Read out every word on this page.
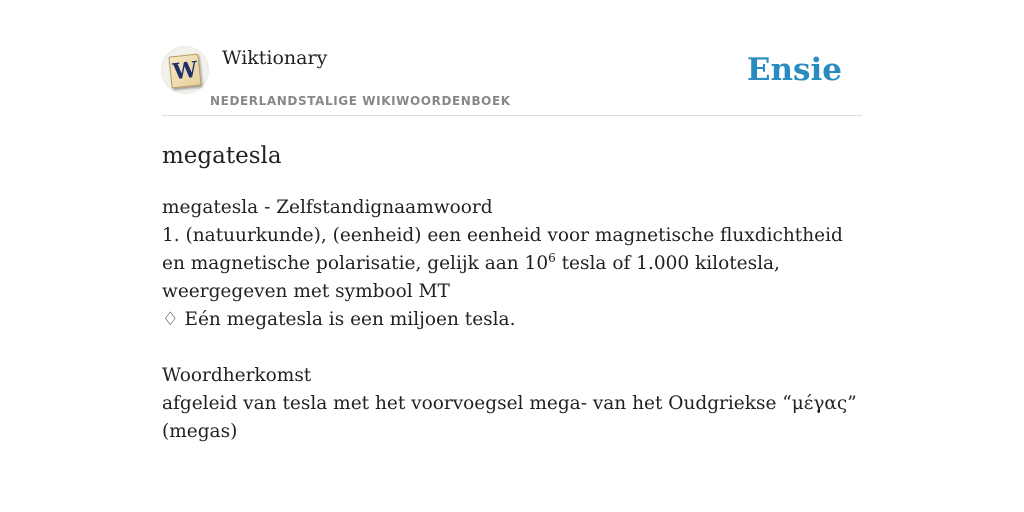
W Wiktionary
NEDERLANDSTALIGE WIKIWOORDENBOEK
Ensie
megatesla

megatesla - Zelfstandignaamwoord

1. (natuurkunde), (eenheid) een eenheid voor magnetische fluxdichtheid en magnetische polarisatie, gelijk aan $10^6$ tesla of 1.000 kilotesla, weergegeven met symbool MT

♢ Eén megatesla is een miljoen tesla.

Woordherkomst

afgeleid van tesla met het voorvoegsel mega- van het Oudgriekse “μέγας” (megas)
